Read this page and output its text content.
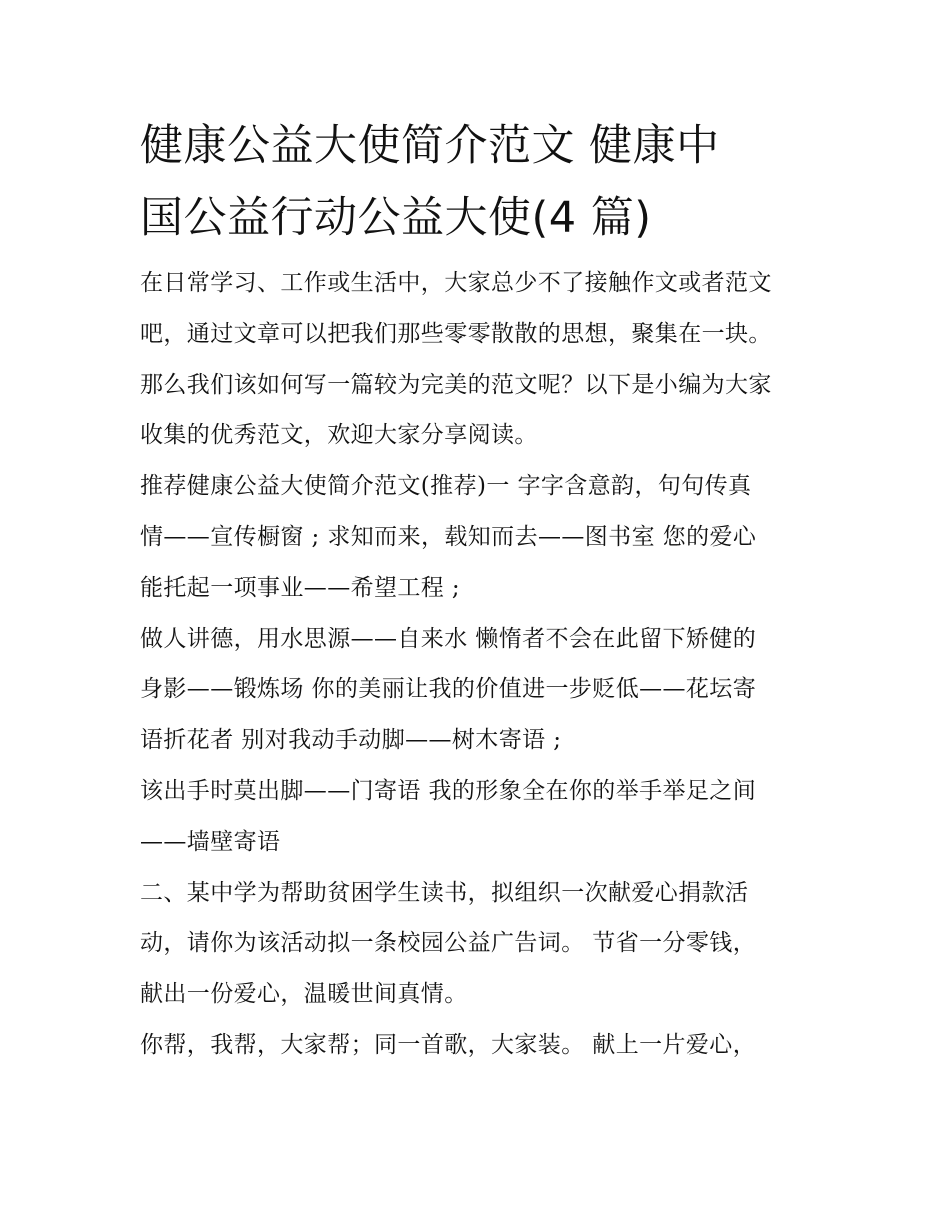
健康公益大使简介范文 健康中
国公益行动公益大使(4 篇)

在日常学习、工作或生活中，大家总少不了接触作文或者范文
吧，通过文章可以把我们那些零零散散的思想，聚集在一块。
那么我们该如何写一篇较为完美的范文呢？以下是小编为大家
收集的优秀范文，欢迎大家分享阅读。

推荐健康公益大使简介范文(推荐)一 字字含意韵，句句传真
情——宣传橱窗 ; 求知而来，载知而去——图书室 您的爱心
能托起一项事业——希望工程 ;

做人讲德，用水思源——自来水 懒惰者不会在此留下矫健的
身影——锻炼场 你的美丽让我的价值进一步贬低——花坛寄
语折花者 别对我动手动脚——树木寄语 ;

该出手时莫出脚——门寄语 我的形象全在你的举手举足之间
——墙壁寄语

二、某中学为帮助贫困学生读书，拟组织一次献爱心捐款活
动，请你为该活动拟一条校园公益广告词。 节省一分零钱，
献出一份爱心，温暖世间真情。

你帮，我帮，大家帮；同一首歌，大家装。 献上一片爱心，
